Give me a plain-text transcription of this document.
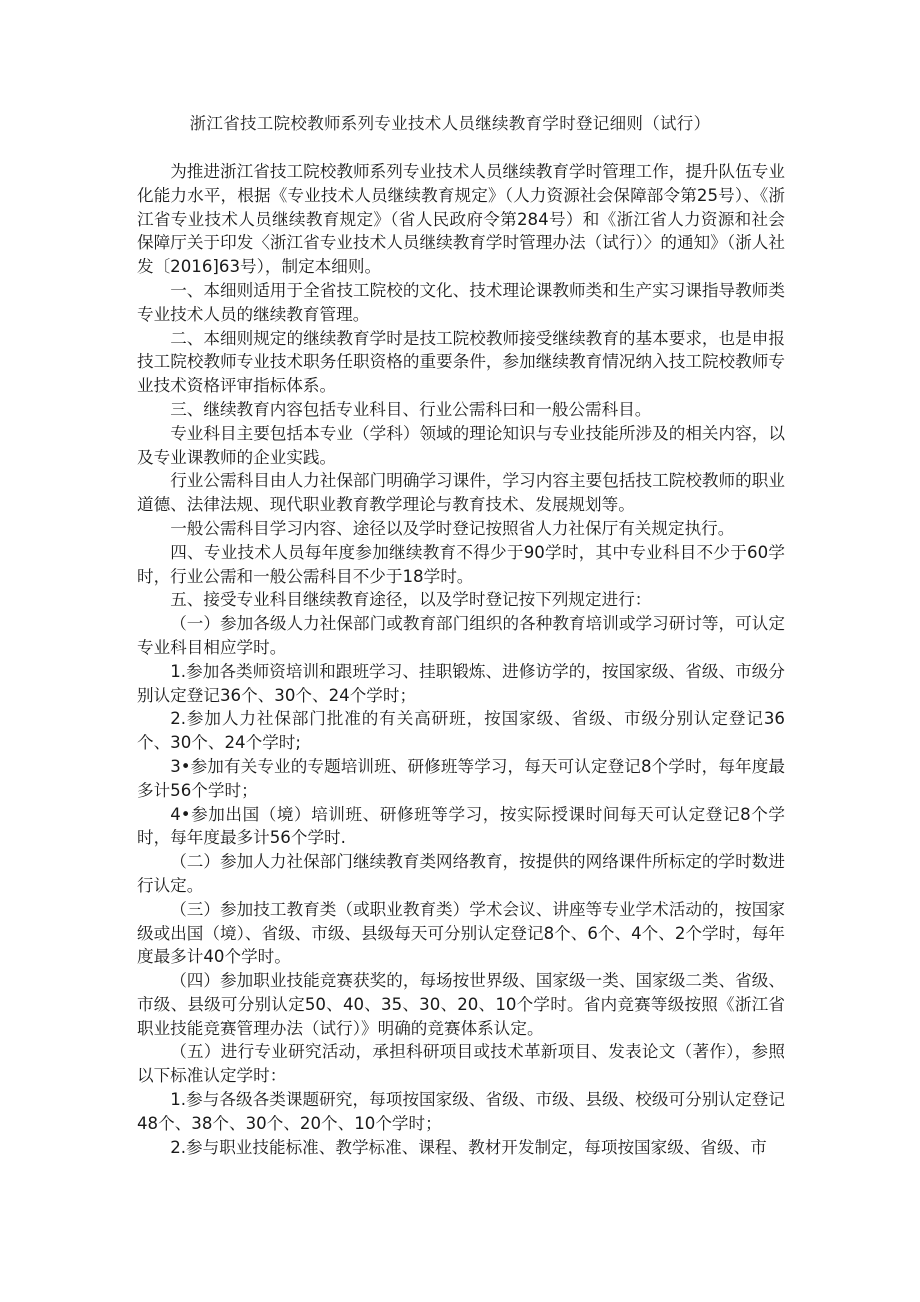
浙江省技工院校教师系列专业技术人员继续教育学时登记细则（试行）

为推进浙江省技工院校教师系列专业技术人员继续教育学时管理工作，提升队伍专业化能力水平，根据《专业技术人员继续教育规定》（人力资源社会保障部令第25号）、《浙江省专业技术人员继续教育规定》（省人民政府令第284号）和《浙江省人力资源和社会保障厅关于印发〈浙江省专业技术人员继续教育学时管理办法（试行）〉的通知》（浙人社发〔2016]63号），制定本细则。

一、本细则适用于全省技工院校的文化、技术理论课教师类和生产实习课指导教师类专业技术人员的继续教育管理。

二、本细则规定的继续教育学时是技工院校教师接受继续教育的基本要求，也是申报技工院校教师专业技术职务任职资格的重要条件，参加继续教育情况纳入技工院校教师专业技术资格评审指标体系。

三、继续教育内容包括专业科目、行业公需科曰和一般公需科目。

专业科目主要包括本专业（学科）领域的理论知识与专业技能所涉及的相关内容，以及专业课教师的企业实践。

行业公需科目由人力社保部门明确学习课件，学习内容主要包括技工院校教师的职业道德、法律法规、现代职业教育教学理论与教育技术、发展规划等。

一般公需科目学习内容、途径以及学时登记按照省人力社保厅有关规定执行。

四、专业技术人员每年度参加继续教育不得少于90学时，其中专业科目不少于60学时，行业公需和一般公需科目不少于18学时。

五、接受专业科目继续教育途径，以及学时登记按下列规定进行：

（一）参加各级人力社保部门或教育部门组织的各种教育培训或学习研讨等，可认定专业科目相应学时。

1.参加各类师资培训和跟班学习、挂职锻炼、进修访学的，按国家级、省级、市级分别认定登记36个、30个、24个学时；

2.参加人力社保部门批准的有关高研班，按国家级、省级、市级分别认定登记36个、30个、24个学时;

3•参加有关专业的专题培训班、研修班等学习，每天可认定登记8个学时，每年度最多计56个学时；

4•参加出国（境）培训班、研修班等学习，按实际授课时间每天可认定登记8个学时，每年度最多计56个学时.

（二）参加人力社保部门继续教育类网络教育，按提供的网络课件所标定的学时数进行认定。

（三）参加技工教育类（或职业教育类）学术会议、讲座等专业学术活动的，按国家级或出国（境）、省级、市级、县级每天可分别认定登记8个、6个、4个、2个学时，每年度最多计40个学时。

（四）参加职业技能竞赛获奖的，每场按世界级、国家级一类、国家级二类、省级、市级、县级可分别认定50、40、35、30、20、10个学时。省内竞赛等级按照《浙江省职业技能竞赛管理办法（试行）》明确的竞赛体系认定。

（五）进行专业研究活动，承担科研项目或技术革新项目、发表论文（著作），参照以下标准认定学时：

1.参与各级各类课题研究，每项按国家级、省级、市级、县级、校级可分别认定登记48个、38个、30个、20个、10个学时；

2.参与职业技能标准、教学标准、课程、教材开发制定，每项按国家级、省级、市
